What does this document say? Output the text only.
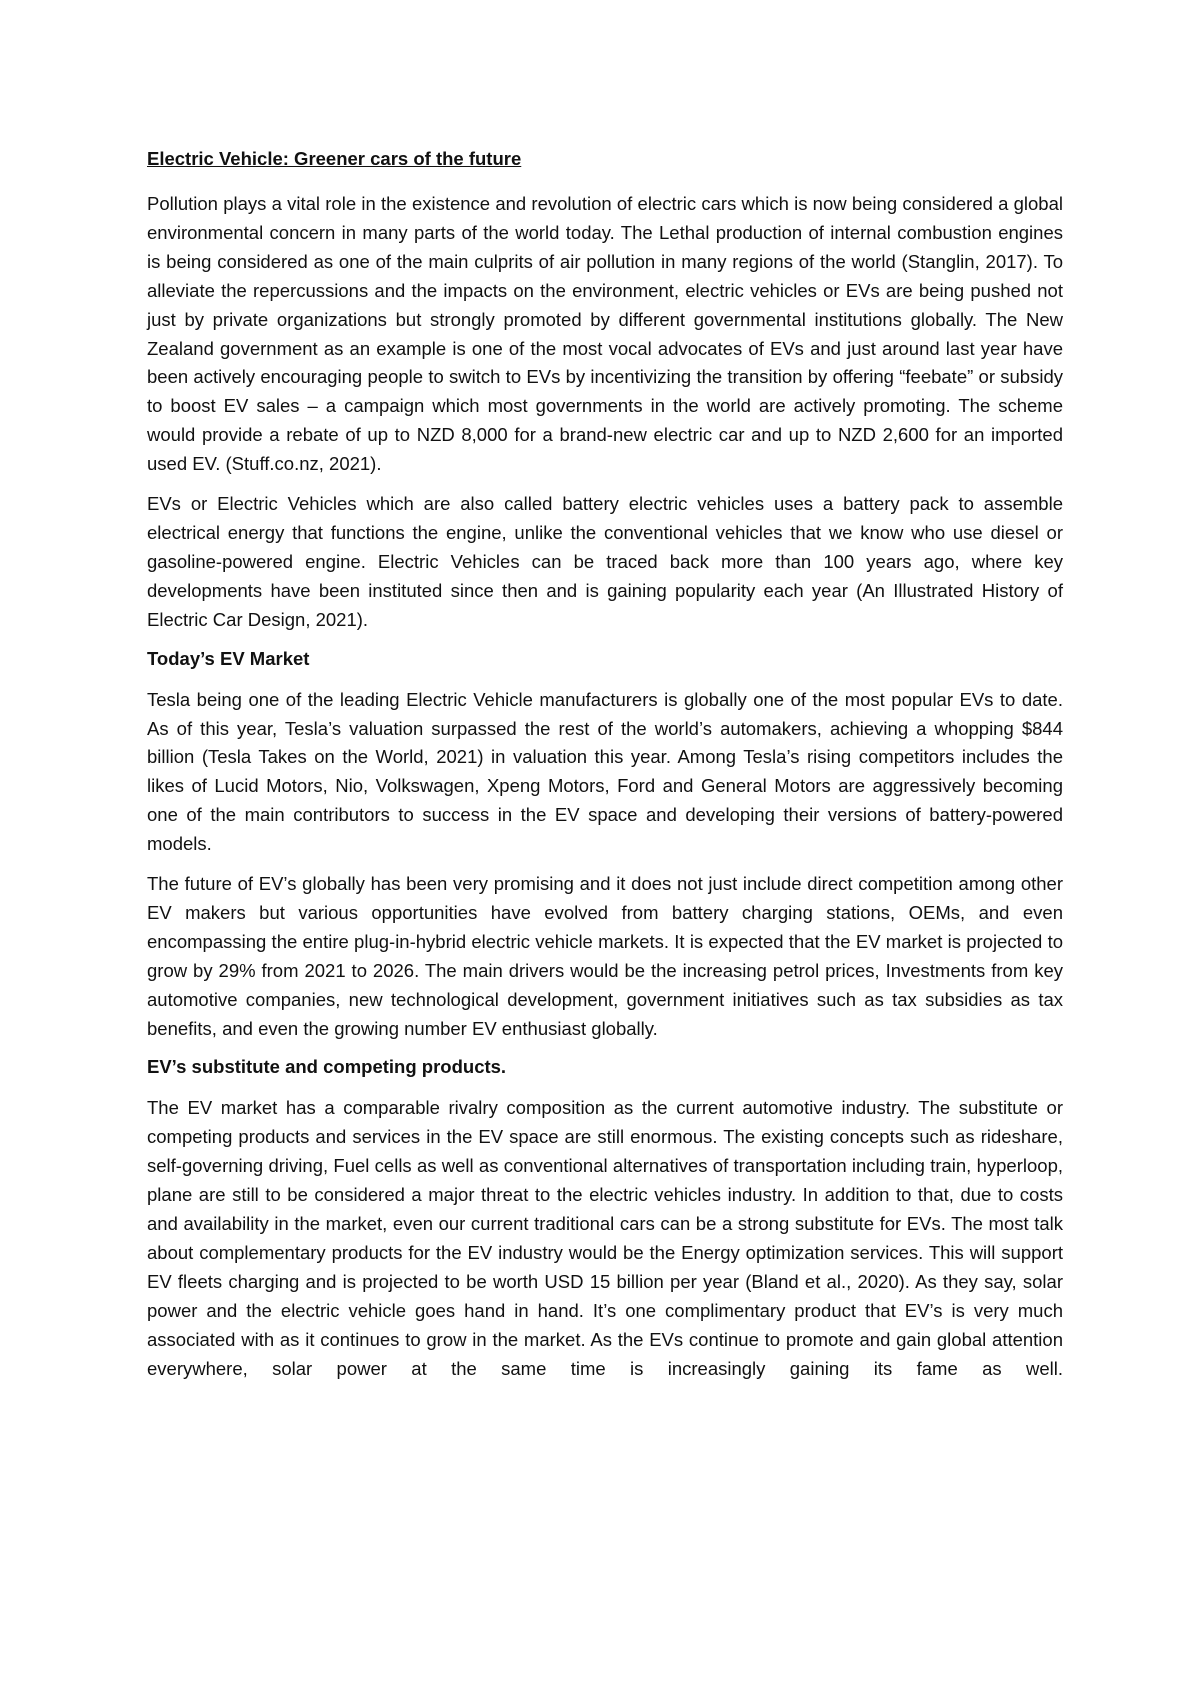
Electric Vehicle: Greener cars of the future

Pollution plays a vital role in the existence and revolution of electric cars which is now being considered a global environmental concern in many parts of the world today. The Lethal production of internal combustion engines is being considered as one of the main culprits of air pollution in many regions of the world (Stanglin, 2017). To alleviate the repercussions and the impacts on the environment, electric vehicles or EVs are being pushed not just by private organizations but strongly promoted by different governmental institutions globally. The New Zealand government as an example is one of the most vocal advocates of EVs and just around last year have been actively encouraging people to switch to EVs by incentivizing the transition by offering “feebate” or subsidy to boost EV sales – a campaign which most governments in the world are actively promoting. The scheme would provide a rebate of up to NZD 8,000 for a brand-new electric car and up to NZD 2,600 for an imported used EV. (Stuff.co.nz, 2021).

EVs or Electric Vehicles which are also called battery electric vehicles uses a battery pack to assemble electrical energy that functions the engine, unlike the conventional vehicles that we know who use diesel or gasoline-powered engine. Electric Vehicles can be traced back more than 100 years ago, where key developments have been instituted since then and is gaining popularity each year (An Illustrated History of Electric Car Design, 2021).

Today’s EV Market

Tesla being one of the leading Electric Vehicle manufacturers is globally one of the most popular EVs to date. As of this year, Tesla’s valuation surpassed the rest of the world’s automakers, achieving a whopping $844 billion (Tesla Takes on the World, 2021) in valuation this year. Among Tesla’s rising competitors includes the likes of Lucid Motors, Nio, Volkswagen, Xpeng Motors, Ford and General Motors are aggressively becoming one of the main contributors to success in the EV space and developing their versions of battery-powered models.

The future of EV’s globally has been very promising and it does not just include direct competition among other EV makers but various opportunities have evolved from battery charging stations, OEMs, and even encompassing the entire plug-in-hybrid electric vehicle markets. It is expected that the EV market is projected to grow by 29% from 2021 to 2026. The main drivers would be the increasing petrol prices, Investments from key automotive companies, new technological development, government initiatives such as tax subsidies as tax benefits, and even the growing number EV enthusiast globally.

EV’s substitute and competing products.

The EV market has a comparable rivalry composition as the current automotive industry. The substitute or competing products and services in the EV space are still enormous. The existing concepts such as rideshare, self-governing driving, Fuel cells as well as conventional alternatives of transportation including train, hyperloop, plane are still to be considered a major threat to the electric vehicles industry. In addition to that, due to costs and availability in the market, even our current traditional cars can be a strong substitute for EVs. The most talk about complementary products for the EV industry would be the Energy optimization services. This will support EV fleets charging and is projected to be worth USD 15 billion per year (Bland et al., 2020). As they say, solar power and the electric vehicle goes hand in hand. It’s one complimentary product that EV’s is very much associated with as it continues to grow in the market. As the EVs continue to promote and gain global attention everywhere, solar power at the same time is increasingly gaining its fame as well.
